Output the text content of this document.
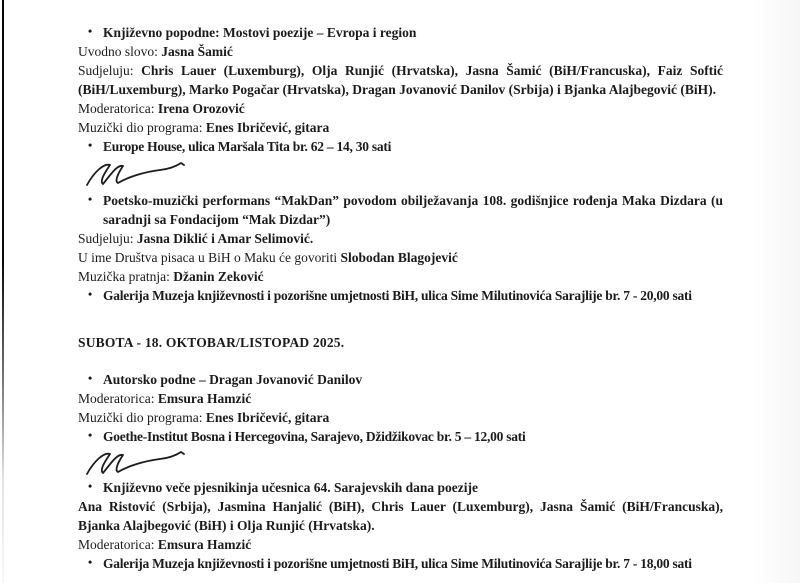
• Književno popodne: Mostovi poezije – Evropa i region
Uvodno slovo: Jasna Šamić
Sudjeluju: Chris Lauer (Luxemburg), Olja Runjić (Hrvatska), Jasna Šamić (BiH/Francuska), Faiz Softić (BiH/Luxemburg), Marko Pogačar (Hrvatska), Dragan Jovanović Danilov (Srbija) i Bjanka Alajbegović (BiH).
Moderatorica: Irena Orozović
Muzički dio programa: Enes Ibričević, gitara
• Europe House, ulica Maršala Tita br. 62 – 14, 30 sati
• Poetsko-muzički performans “MakDan” povodom obilježavanja 108. godišnjice rođenja Maka Dizdara (u saradnji sa Fondacijom “Mak Dizdar”)
Sudjeluju: Jasna Diklić i Amar Selimović.
U ime Društva pisaca u BiH o Maku će govoriti Slobodan Blagojević
Muzička pratnja: Džanin Zeković
• Galerija Muzeja književnosti i pozorišne umjetnosti BiH, ulica Sime Milutinovića Sarajlije br. 7 - 20,00 sati
SUBOTA - 18. OKTOBAR/LISTOPAD 2025.
• Autorsko podne – Dragan Jovanović Danilov
Moderatorica: Emsura Hamzić
Muzički dio programa: Enes Ibričević, gitara
• Goethe-Institut Bosna i Hercegovina, Sarajevo, Džidžikovac br. 5 – 12,00 sati
• Književno veče pjesnikinja učesnica 64. Sarajevskih dana poezije
Ana Ristović (Srbija), Jasmina Hanjalić (BiH), Chris Lauer (Luxemburg), Jasna Šamić (BiH/Francuska), Bjanka Alajbegović (BiH) i Olja Runjić (Hrvatska).
Moderatorica: Emsura Hamzić
• Galerija Muzeja književnosti i pozorišne umjetnosti BiH, ulica Sime Milutinovića Sarajlije br. 7 - 18,00 sati
